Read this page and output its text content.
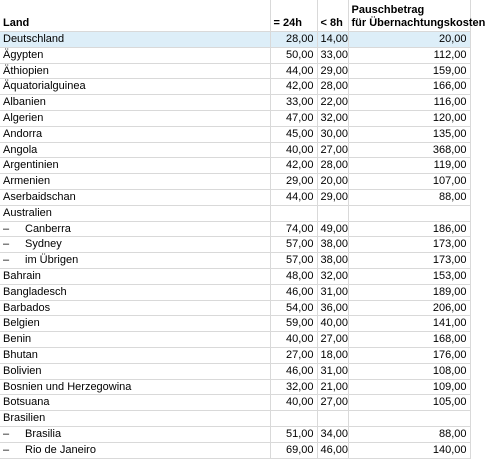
Land	= 24h	< 8h	Pauschbetrag
für Übernachtungskosten

Deutschland	28,00	14,00	20,00
Ägypten	50,00	33,00	112,00
Äthiopien	44,00	29,00	159,00
Äquatorialguinea	42,00	28,00	166,00
Albanien	33,00	22,00	116,00
Algerien	47,00	32,00	120,00
Andorra	45,00	30,00	135,00
Angola	40,00	27,00	368,00
Argentinien	42,00	28,00	119,00
Armenien	29,00	20,00	107,00
Aserbaidschan	44,00	29,00	88,00
Australien			

– Canberra	74,00	49,00	186,00

– Sydney	57,00	38,00	173,00

– im Übrigen	57,00	38,00	173,00
Bahrain	48,00	32,00	153,00
Bangladesch	46,00	31,00	189,00
Barbados	54,00	36,00	206,00
Belgien	59,00	40,00	141,00
Benin	40,00	27,00	168,00
Bhutan	27,00	18,00	176,00
Bolivien	46,00	31,00	108,00
Bosnien und Herzegowina	32,00	21,00	109,00
Botsuana	40,00	27,00	105,00
Brasilien			

– Brasilia	51,00	34,00	88,00

– Rio de Janeiro	69,00	46,00	140,00
